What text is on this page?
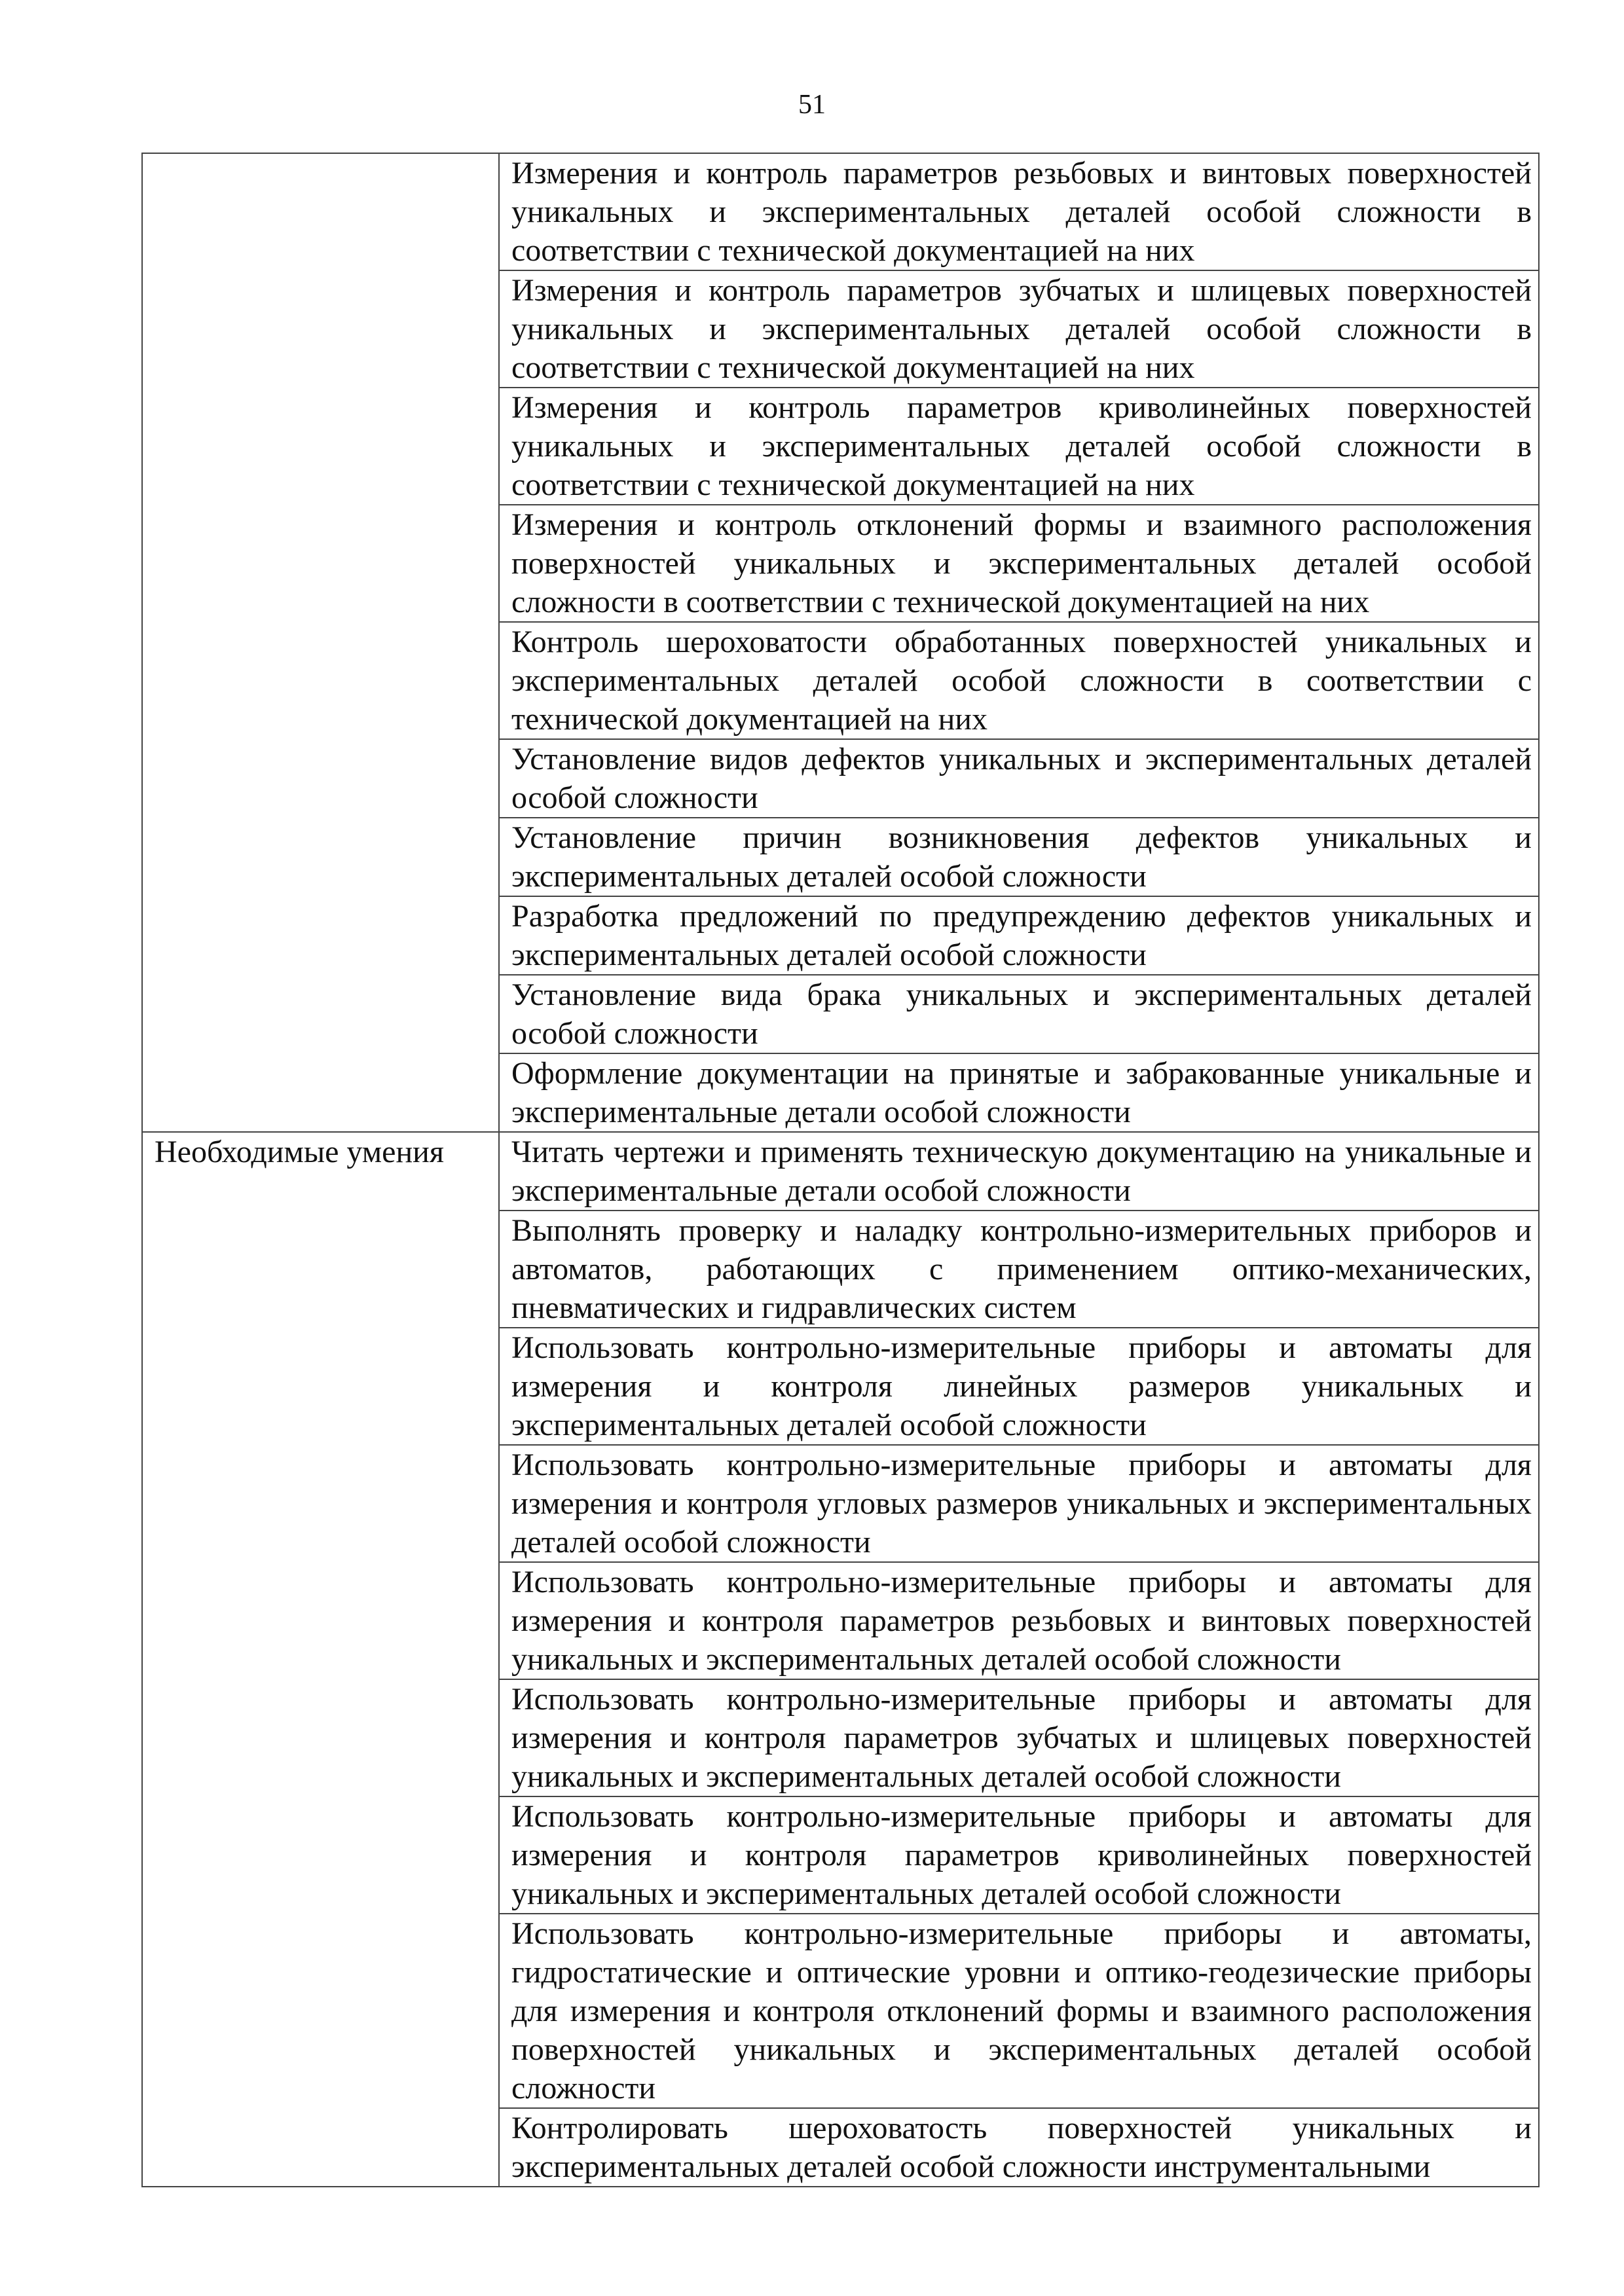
51
	Измерения и контроль параметров резьбовых и винтовых поверхностей уникальных и экспериментальных деталей особой сложности в соответствии с технической документацией на них
	Измерения и контроль параметров зубчатых и шлицевых поверхностей уникальных и экспериментальных деталей особой сложности в соответствии с технической документацией на них
	Измерения и контроль параметров криволинейных поверхностей уникальных и экспериментальных деталей особой сложности в соответствии с технической документацией на них
	Измерения и контроль отклонений формы и взаимного расположения поверхностей уникальных и экспериментальных деталей особой сложности в соответствии с технической документацией на них
	Контроль шероховатости обработанных поверхностей уникальных и экспериментальных деталей особой сложности в соответствии с технической документацией на них
	Установление видов дефектов уникальных и экспериментальных деталей особой сложности
	Установление причин возникновения дефектов уникальных и экспериментальных деталей особой сложности
	Разработка предложений по предупреждению дефектов уникальных и экспериментальных деталей особой сложности
	Установление вида брака уникальных и экспериментальных деталей особой сложности
	Оформление документации на принятые и забракованные уникальные и экспериментальные детали особой сложности
Необходимые умения	Читать чертежи и применять техническую документацию на уникальные и экспериментальные детали особой сложности
	Выполнять проверку и наладку контрольно-измерительных приборов и автоматов, работающих с применением оптико-механических, пневматических и гидравлических систем
	Использовать контрольно-измерительные приборы и автоматы для измерения и контроля линейных размеров уникальных и экспериментальных деталей особой сложности
	Использовать контрольно-измерительные приборы и автоматы для измерения и контроля угловых размеров уникальных и экспериментальных деталей особой сложности
	Использовать контрольно-измерительные приборы и автоматы для измерения и контроля параметров резьбовых и винтовых поверхностей уникальных и экспериментальных деталей особой сложности
	Использовать контрольно-измерительные приборы и автоматы для измерения и контроля параметров зубчатых и шлицевых поверхностей уникальных и экспериментальных деталей особой сложности
	Использовать контрольно-измерительные приборы и автоматы для измерения и контроля параметров криволинейных поверхностей уникальных и экспериментальных деталей особой сложности
	Использовать контрольно-измерительные приборы и автоматы, гидростатические и оптические уровни и оптико-геодезические приборы для измерения и контроля отклонений формы и взаимного расположения поверхностей уникальных и экспериментальных деталей особой сложности
	Контролировать шероховатость поверхностей уникальных и экспериментальных деталей особой сложности инструментальными
